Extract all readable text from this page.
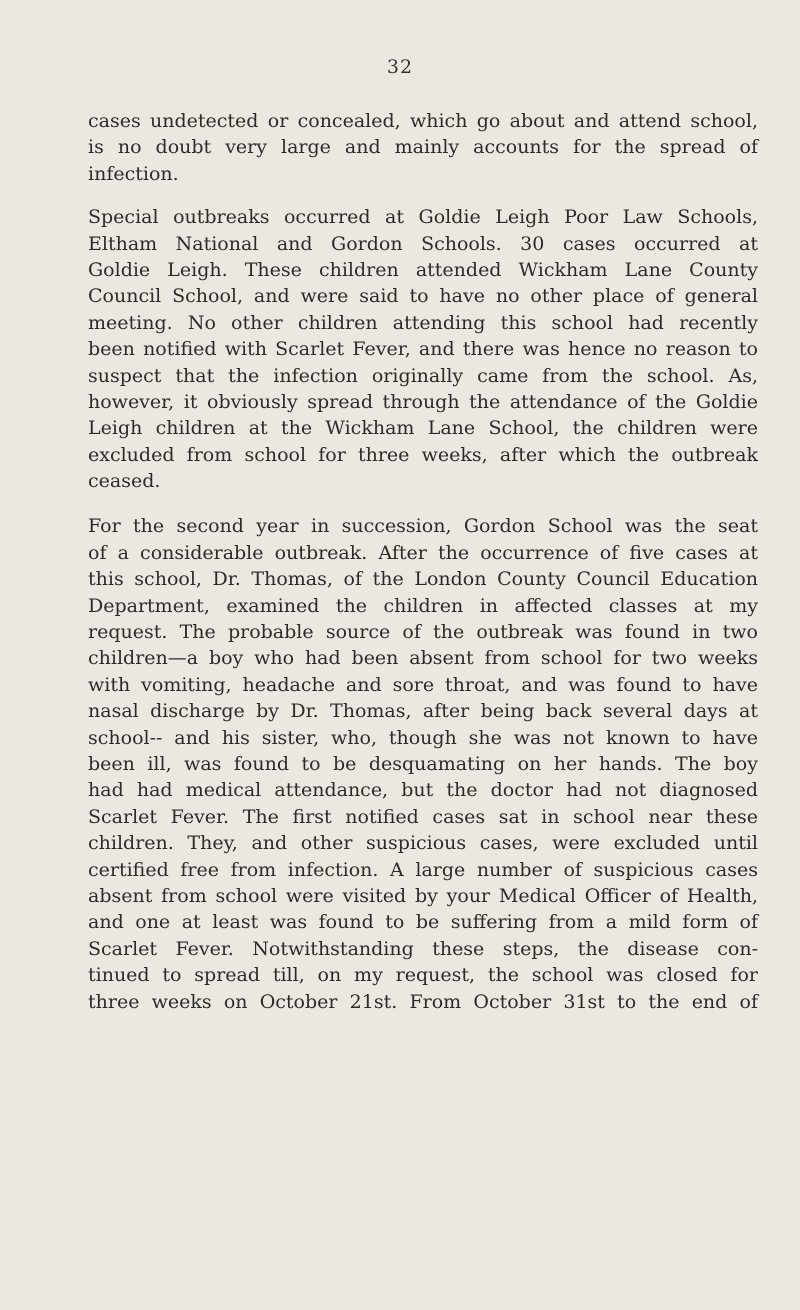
32
cases undetected or concealed, which go about and attend school,
is no doubt very large and mainly accounts for the spread of
infection.
Special outbreaks occurred at Goldie Leigh Poor Law Schools,
Eltham National and Gordon Schools. 30 cases occurred at
Goldie Leigh. These children attended Wickham Lane County
Council School, and were said to have no other place of general
meeting. No other children attending this school had recently
been notified with Scarlet Fever, and there was hence no reason to
suspect that the infection originally came from the school. As,
however, it obviously spread through the attendance of the Goldie
Leigh children at the Wickham Lane School, the children were
excluded from school for three weeks, after which the outbreak
ceased.
For the second year in succession, Gordon School was the seat
of a considerable outbreak. After the occurrence of five cases at
this school, Dr. Thomas, of the London County Council Education
Department, examined the children in affected classes at my
request. The probable source of the outbreak was found in two
children—a boy who had been absent from school for two weeks
with vomiting, headache and sore throat, and was found to have
nasal discharge by Dr. Thomas, after being back several days at
school-- and his sister, who, though she was not known to have
been ill, was found to be desquamating on her hands. The boy
had had medical attendance, but the doctor had not diagnosed
Scarlet Fever. The first notified cases sat in school near these
children. They, and other suspicious cases, were excluded until
certified free from infection. A large number of suspicious cases
absent from school were visited by your Medical Officer of Health,
and one at least was found to be suffering from a mild form of
Scarlet Fever. Notwithstanding these steps, the disease con-
tinued to spread till, on my request, the school was closed for
three weeks on October 21st. From October 31st to the end of
